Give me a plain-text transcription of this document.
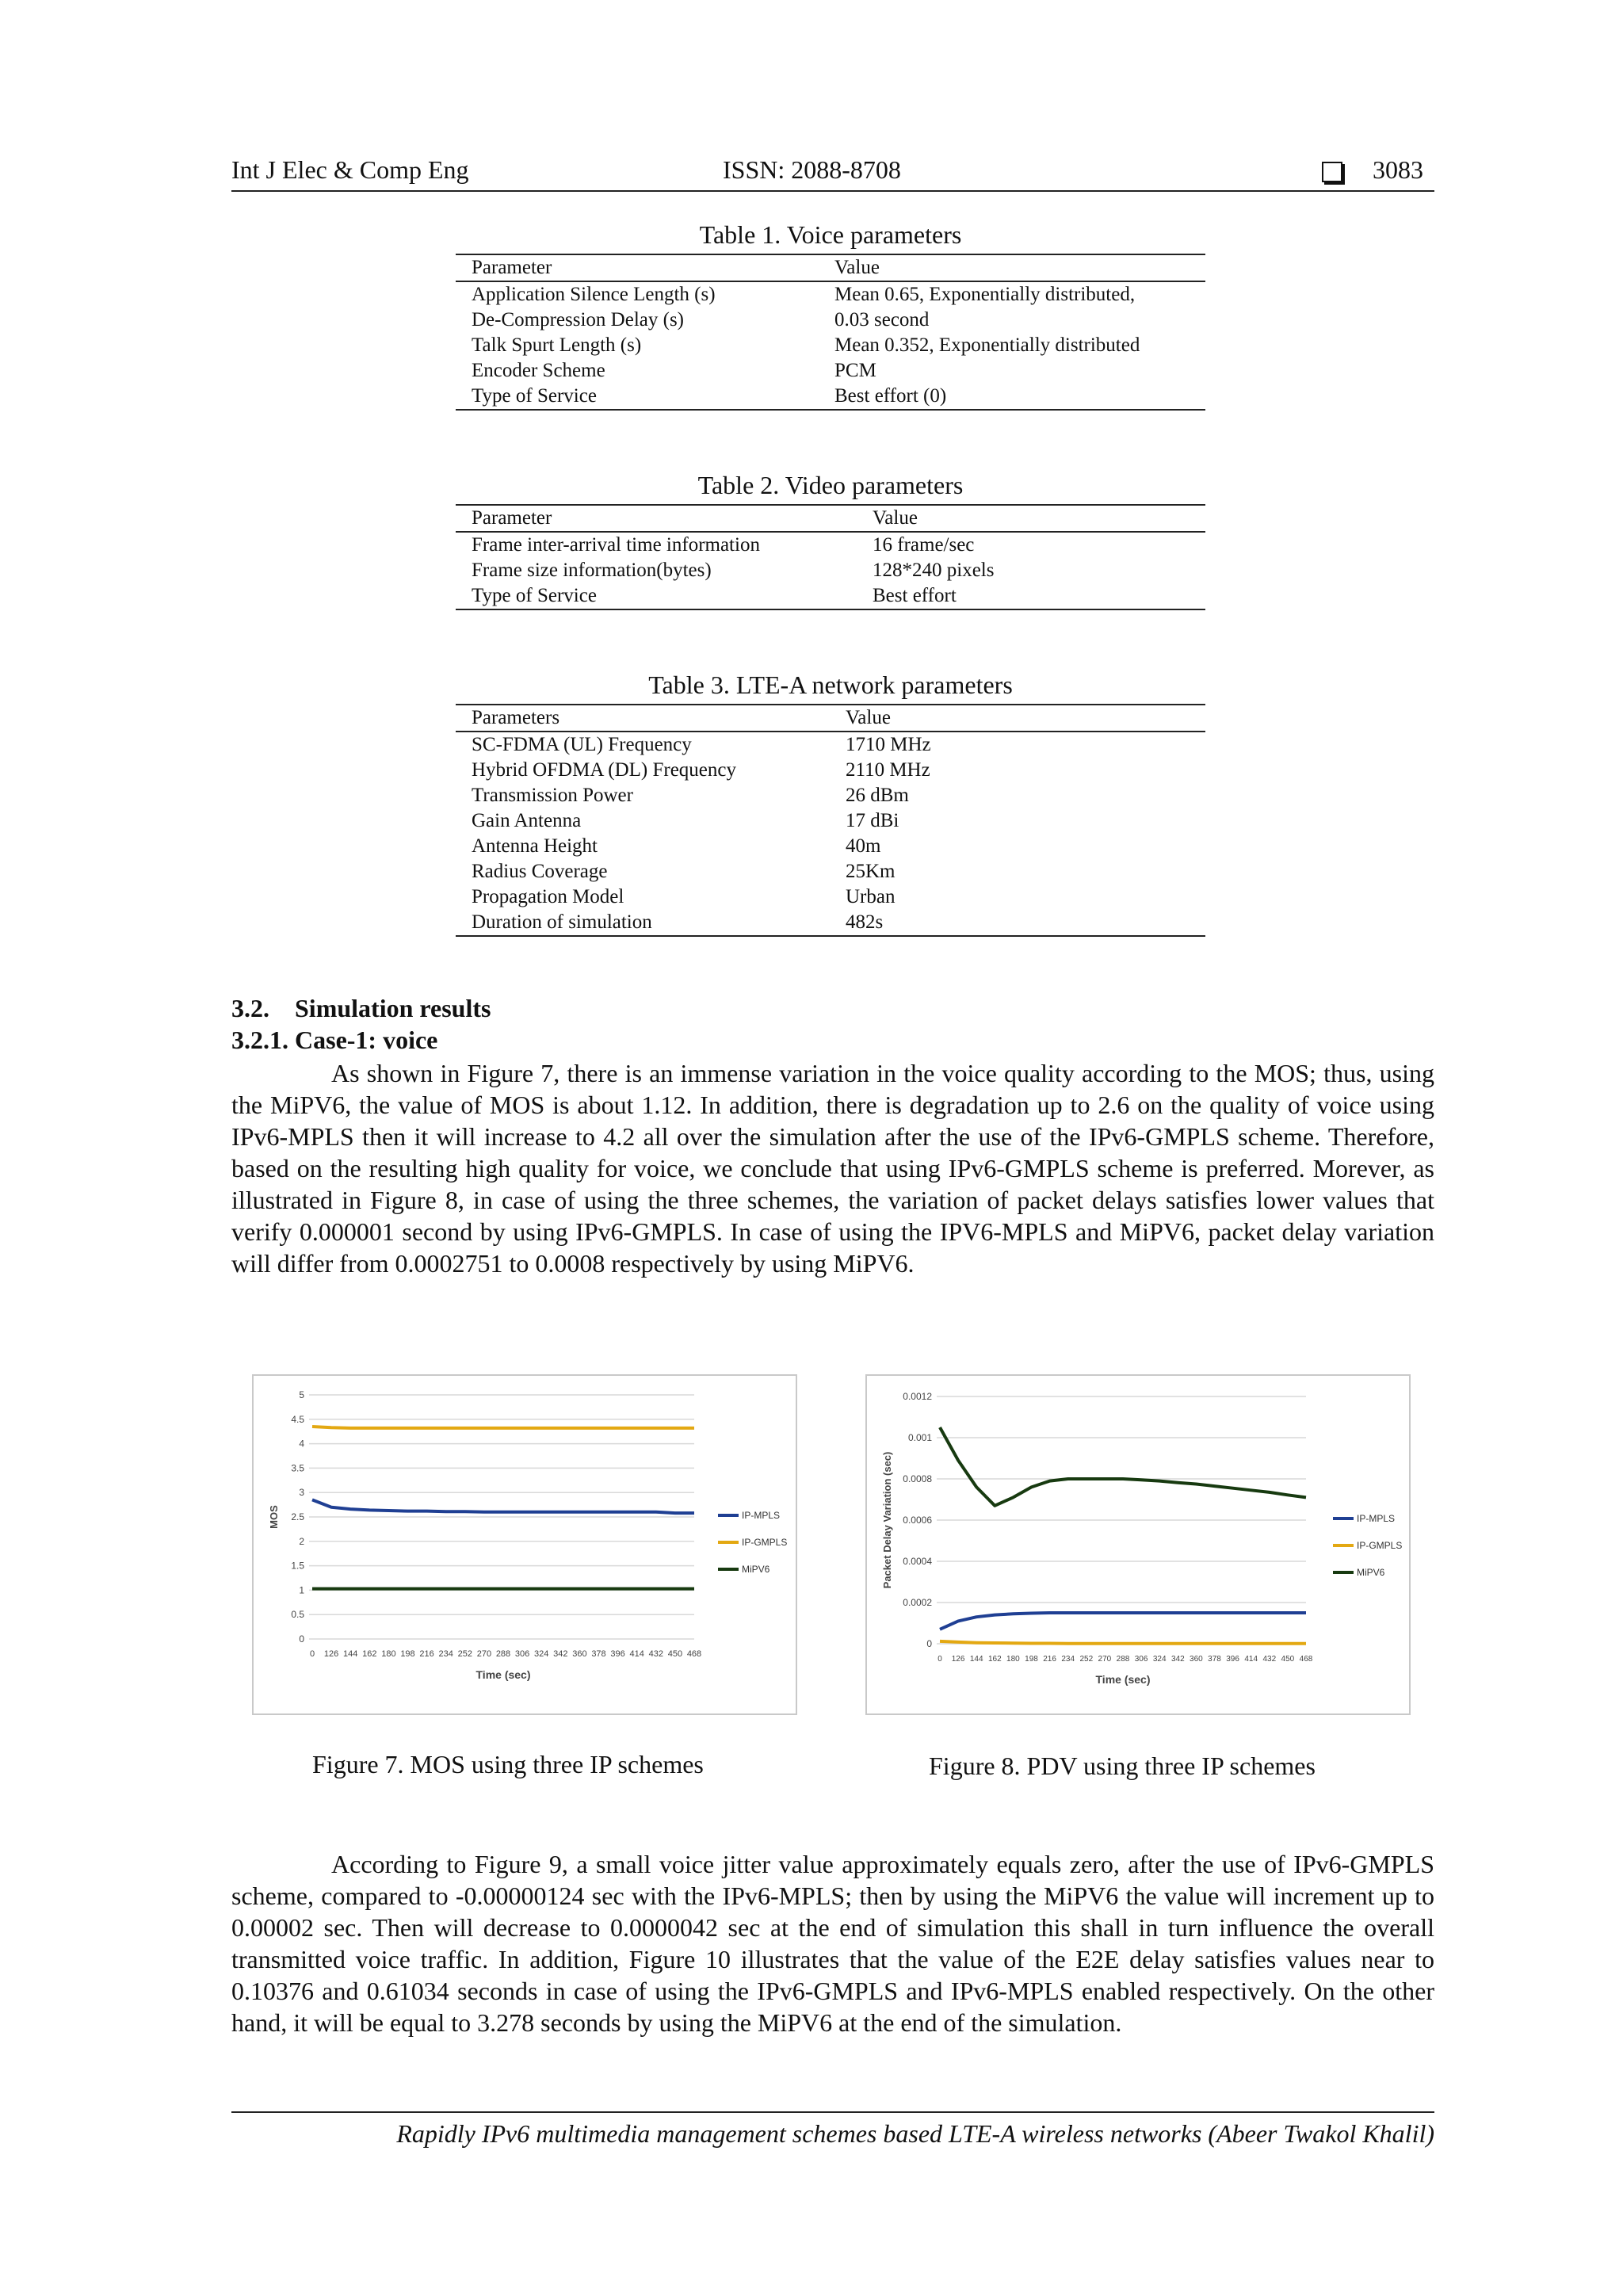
Int J Elec & Comp Eng	ISSN: 2088-8708	3083
Table 1. Voice parameters
Parameter	Value
Application Silence Length (s)	Mean 0.65, Exponentially distributed,
De-Compression Delay (s)	0.03 second
Talk Spurt Length (s)	Mean 0.352, Exponentially distributed
Encoder Scheme	PCM
Type of Service	Best effort (0)
Table 2. Video parameters
Parameter	Value
Frame inter-arrival time information	16 frame/sec
Frame size information(bytes)	128*240 pixels
Type of Service	Best effort
Table 3. LTE-A network parameters
Parameters	Value
SC-FDMA (UL) Frequency	1710 MHz
Hybrid OFDMA (DL) Frequency	2110 MHz
Transmission Power	26 dBm
Gain Antenna	17 dBi
Antenna Height	40m
Radius Coverage	25Km
Propagation Model	Urban
Duration of simulation	482s
3.2.    Simulation results
3.2.1. Case-1: voice

As shown in Figure 7, there is an immense variation in the voice quality according to the MOS; thus, using the MiPV6, the value of MOS is about 1.12. In addition, there is degradation up to 2.6 on the quality of voice using IPv6-MPLS then it will increase to 4.2 all over the simulation after the use of the IPv6-GMPLS scheme. Therefore, based on the resulting high quality for voice, we conclude that using IPv6-GMPLS scheme is preferred. Morever, as illustrated in Figure 8, in case of using the three schemes, the variation of packet delays satisfies lower values that verify 0.000001 second by using IPv6-GMPLS. In case of using the IPV6-MPLS and MiPV6, packet delay variation will differ from 0.0002751 to 0.0008 respectively by using MiPV6.

0
0.5
1
1.5
2
2.5
3
3.5
4
4.5
5
0 126 144 162 180 198 216 234 252 270 288 306 324 342 360 378 396 414 432 450 468
Time (sec)
MOS	IP-MPLS
IP-GMPLS
MiPV6
Figure 7. MOS using three IP schemes
0
0.0002
0.0004
0.0006
0.0008
0.001
0.0012
0 126 144 162 180 198 216 234 252 270 288 306 324 342 360 378 396 414 432 450 468
Time (sec)
Packet Delay Variation (sec)	IP-MPLS
IP-GMPLS
MiPV6
Figure 8. PDV using three IP schemes

According to Figure 9, a small voice jitter value approximately equals zero, after the use of IPv6-GMPLS scheme, compared to -0.00000124 sec with the IPv6-MPLS; then by using the MiPV6 the value will increment up to 0.00002 sec. Then will decrease to 0.0000042 sec at the end of simulation this shall in turn influence the overall transmitted voice traffic. In addition, Figure 10 illustrates that the value of the E2E delay satisfies values near to 0.10376 and 0.61034 seconds in case of using the IPv6-GMPLS and IPv6-MPLS enabled respectively. On the other hand, it will be equal to 3.278 seconds by using the MiPV6 at the end of the simulation.

Rapidly IPv6 multimedia management schemes based LTE-A wireless networks (Abeer Twakol Khalil)
